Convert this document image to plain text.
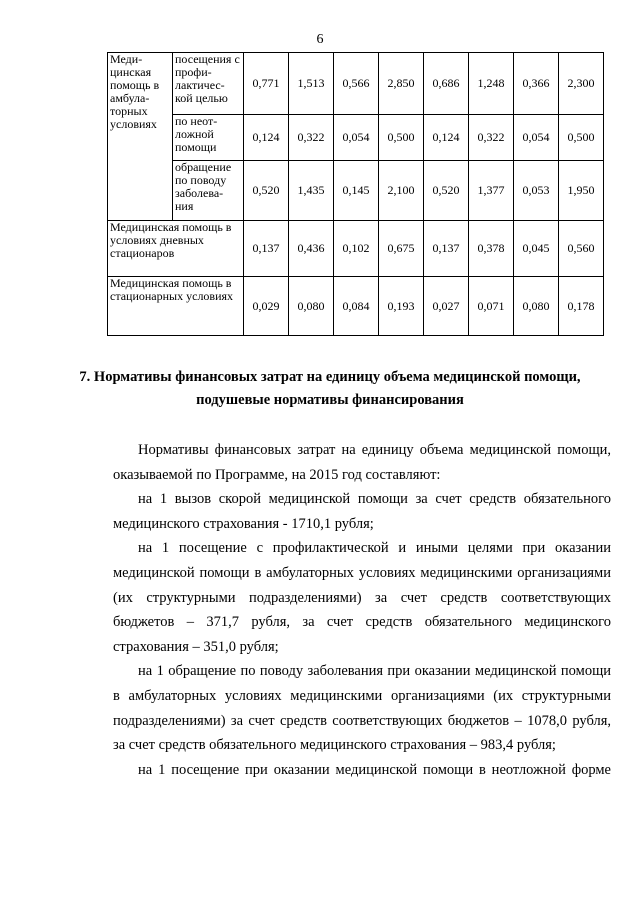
6
Меди-цинская помощь в амбула-торных условиях	посещения с профи-лактичес-кой целью	0,771	1,513	0,566	2,850	0,686	1,248	0,366	2,300
	по неот-ложной помощи	0,124	0,322	0,054	0,500	0,124	0,322	0,054	0,500
	обращение по поводу заболева-ния	0,520	1,435	0,145	2,100	0,520	1,377	0,053	1,950
Медицинская помощь в условиях дневных стационаров		0,137	0,436	0,102	0,675	0,137	0,378	0,045	0,560
Медицинская помощь в стационарных условиях		0,029	0,080	0,084	0,193	0,027	0,071	0,080	0,178
7. Нормативы финансовых затрат на единицу объема медицинской помощи, подушевые нормативы финансирования

Нормативы финансовых затрат на единицу объема медицинской помощи, оказываемой по Программе, на 2015 год составляют:

на 1 вызов скорой медицинской помощи за счет средств обязательного медицинского страхования - 1710,1 рубля;

на 1 посещение с профилактической и иными целями при оказании медицинской помощи в амбулаторных условиях медицинскими организациями (их структурными подразделениями) за счет средств соответствующих бюджетов – 371,7 рубля, за счет средств обязательного медицинского страхования – 351,0 рубля;

на 1 обращение по поводу заболевания при оказании медицинской помощи в амбулаторных условиях медицинскими организациями (их структурными подразделениями) за счет средств соответствующих бюджетов – 1078,0 рубля, за счет средств обязательного медицинского страхования – 983,4 рубля;

на 1 посещение при оказании медицинской помощи в неотложной форме
